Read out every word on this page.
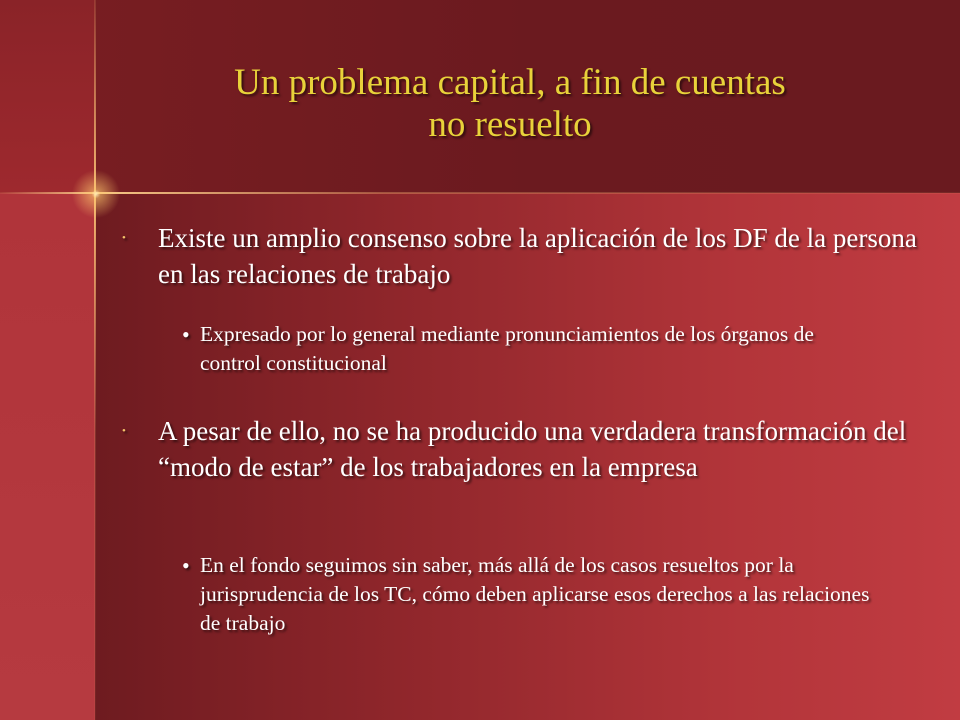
Un problema capital, a fin de cuentas
no resuelto
• Existe un amplio consenso sobre la aplicación de los DF de la persona en las relaciones de trabajo
• Expresado por lo general mediante pronunciamientos de los órganos de control constitucional
• A pesar de ello, no se ha producido una verdadera transformación del “modo de estar” de los trabajadores en la empresa
• En el fondo seguimos sin saber, más allá de los casos resueltos por la jurisprudencia de los TC, cómo deben aplicarse esos derechos a las relaciones de trabajo
